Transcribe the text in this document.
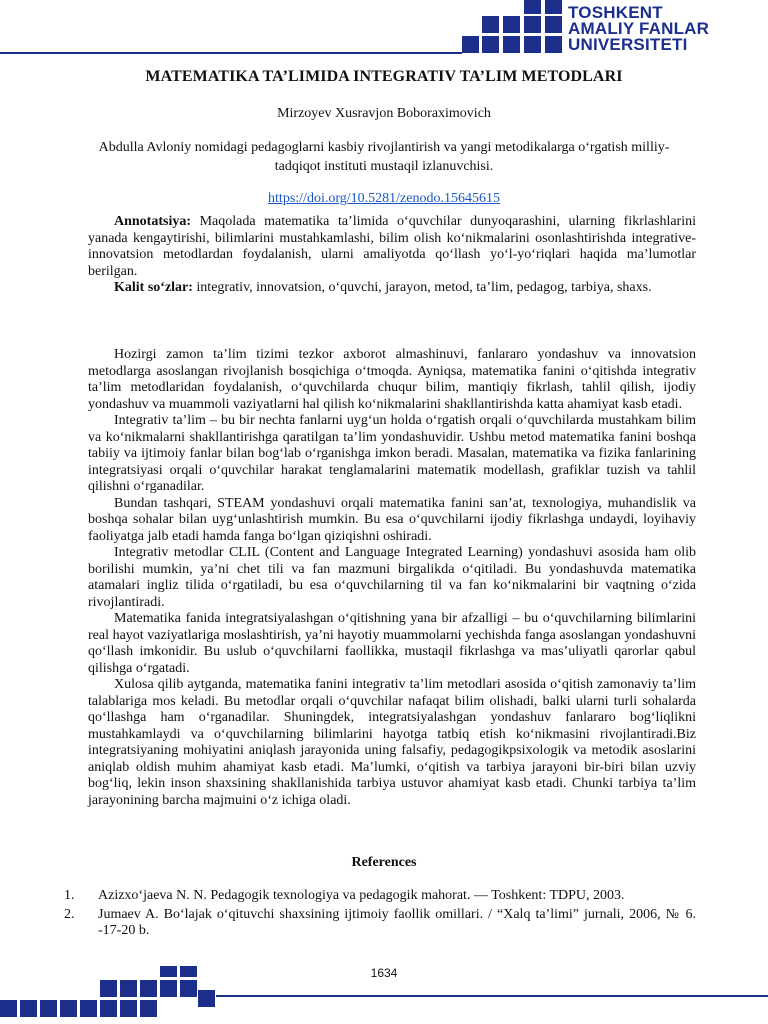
TOSHKENT
AMALIY FANLAR
UNIVERSITETI
MATEMATIKA TA’LIMIDA INTEGRATIV TA’LIM METODLARI
Mirzoyev Xusravjon Boboraximovich
Abdulla Avloniy nomidagi pedagoglarni kasbiy rivojlantirish va yangi metodikalarga o‘rgatish milliy- tadqiqot instituti mustaqil izlanuvchisi.
https://doi.org/10.5281/zenodo.15645615

Annotatsiya: Maqolada matematika ta’limida o‘quvchilar dunyoqarashini, ularning fikrlashlarini yanada kengaytirishi, bilimlarini mustahkamlashi, bilim olish ko‘nikmalarini osonlashtirishda integrative-innovatsion metodlardan foydalanish, ularni amaliyotda qo‘llash yo‘l-yo‘riqlari haqida ma’lumotlar berilgan.

Kalit so‘zlar: integrativ, innovatsion, o‘quvchi, jarayon, metod, ta’lim, pedagog, tarbiya, shaxs.

Hozirgi zamon ta’lim tizimi tezkor axborot almashinuvi, fanlararo yondashuv va innovatsion metodlarga asoslangan rivojlanish bosqichiga o‘tmoqda. Ayniqsa, matematika fanini o‘qitishda integrativ ta’lim metodlaridan foydalanish, o‘quvchilarda chuqur bilim, mantiqiy fikrlash, tahlil qilish, ijodiy yondashuv va muammoli vaziyatlarni hal qilish ko‘nikmalarini shakllantirishda katta ahamiyat kasb etadi.

Integrativ ta’lim – bu bir nechta fanlarni uyg‘un holda o‘rgatish orqali o‘quvchilarda mustahkam bilim va ko‘nikmalarni shakllantirishga qaratilgan ta’lim yondashuvidir. Ushbu metod matematika fanini boshqa tabiiy va ijtimoiy fanlar bilan bog‘lab o‘rganishga imkon beradi. Masalan, matematika va fizika fanlarining integratsiyasi orqali o‘quvchilar harakat tenglamalarini matematik modellash, grafiklar tuzish va tahlil qilishni o‘rganadilar.

Bundan tashqari, STEAM yondashuvi orqali matematika fanini san’at, texnologiya, muhandislik va boshqa sohalar bilan uyg‘unlashtirish mumkin. Bu esa o‘quvchilarni ijodiy fikrlashga undaydi, loyihaviy faoliyatga jalb etadi hamda fanga bo‘lgan qiziqishni oshiradi.

Integrativ metodlar CLIL (Content and Language Integrated Learning) yondashuvi asosida ham olib borilishi mumkin, ya’ni chet tili va fan mazmuni birgalikda o‘qitiladi. Bu yondashuvda matematika atamalari ingliz tilida o‘rgatiladi, bu esa o‘quvchilarning til va fan ko‘nikmalarini bir vaqtning o‘zida rivojlantiradi.

Matematika fanida integratsiyalashgan o‘qitishning yana bir afzalligi – bu o‘quvchilarning bilimlarini real hayot vaziyatlariga moslashtirish, ya’ni hayotiy muammolarni yechishda fanga asoslangan yondashuvni qo‘llash imkonidir. Bu uslub o‘quvchilarni faollikka, mustaqil fikrlashga va mas’uliyatli qarorlar qabul qilishga o‘rgatadi.

Xulosa qilib aytganda, matematika fanini integrativ ta’lim metodlari asosida o‘qitish zamonaviy ta’lim talablariga mos keladi. Bu metodlar orqali o‘quvchilar nafaqat bilim olishadi, balki ularni turli sohalarda qo‘llashga ham o‘rganadilar. Shuningdek, integratsiyalashgan yondashuv fanlararo bog‘liqlikni mustahkamlaydi va o‘quvchilarning bilimlarini hayotga tatbiq etish ko‘nikmasini rivojlantiradi.Biz integratsiyaning mohiyatini aniqlash jarayonida uning falsafiy, pedagogikpsixologik va metodik asoslarini aniqlab oldish muhim ahamiyat kasb etadi. Ma’lumki, o‘qitish va tarbiya jarayoni bir-biri bilan uzviy bog‘liq, lekin inson shaxsining shakllanishida tarbiya ustuvor ahamiyat kasb etadi. Chunki tarbiya ta’lim jarayonining barcha majmuini o‘z ichiga oladi.

References
1.	Azizxo‘jaeva N. N. Pedagogik texnologiya va pedagogik mahorat. — Toshkent: TDPU, 2003.
2.	Jumaev A. Bo‘lajak o‘qituvchi shaxsining ijtimoiy faollik omillari. / “Xalq ta’limi” jurnali, 2006, № 6. -17-20 b.
1634
